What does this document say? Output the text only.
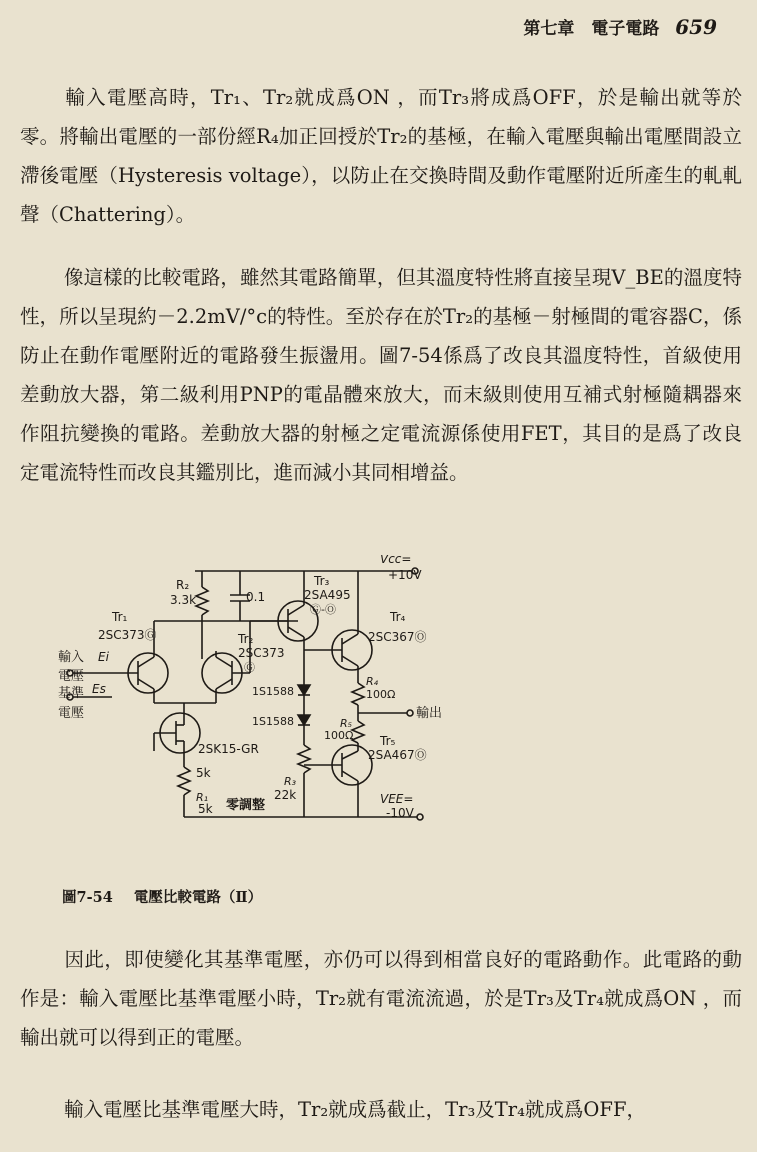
第七章　電子電路 659

輸入電壓高時，Tr₁、Tr₂就成爲ON ，而Tr₃將成爲OFF，於是輸出就等於零。將輸出電壓的一部份經R₄加正回授於Tr₂的基極，在輸入電壓與輸出電壓間設立滯後電壓（Hysteresis voltage），以防止在交換時間及動作電壓附近所產生的軋軋聲（Chattering）。

像這樣的比較電路，雖然其電路簡單，但其溫度特性將直接呈現V_BE的溫度特性，所以呈現約－2.2mV/°c的特性。至於存在於Tr₂的基極－射極間的電容器C，係防止在動作電壓附近的電路發生振盪用。圖7-54係爲了改良其溫度特性，首級使用差動放大器，第二級利用PNP的電晶體來放大，而末級則使用互補式射極隨耦器來作阻抗變換的電路。差動放大器的射極之定電流源係使用FET，其目的是爲了改良定電流特性而改良其鑑別比，進而減小其同相增益。

R₂
3.3k	0.1
Tr₁
2SC373Ⓖ	Tr₂
2SC373
Ⓖ
Tr₃
2SA495
Ⓖ-Ⓞ
Tr₄
2SC367Ⓞ
Tr₅
2SA467Ⓞ
Vcc=
+10V
VEE=
-10V
輸入 Ei
電壓
基準 Es
電壓
1S1588
1S1588
R₄
100Ω
R₅
100Ω
輸出
2SK15-GR
5k
R₁
5k 零調整
R₃
22k
圖7-54 電壓比較電路（Ⅱ）

因此，即使變化其基準電壓，亦仍可以得到相當良好的電路動作。此電路的動作是：輸入電壓比基準電壓小時，Tr₂就有電流流過，於是Tr₃及Tr₄就成爲ON ，而輸出就可以得到正的電壓。

輸入電壓比基準電壓大時，Tr₂就成爲截止，Tr₃及Tr₄就成爲OFF，
